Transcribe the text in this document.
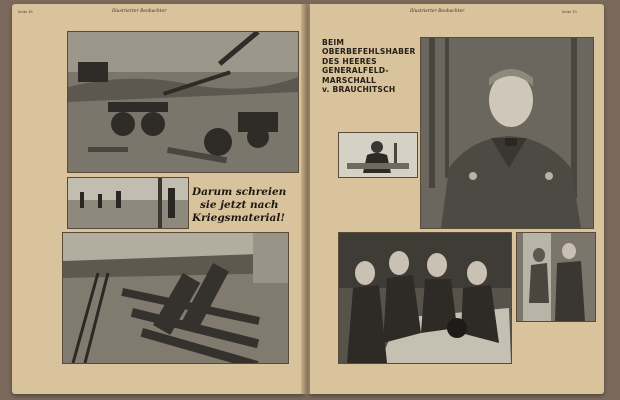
Seite 18	Illustrierter Beobachter
Darum schreien
sie jetzt nach
Kriegsmaterial!
Illustrierter Beobachter	Seite 19
BEIM
OBERBEFEHLSHABER
DES HEERES
GENERALFELD-
MARSCHALL
v. BRAUCHITSCH
